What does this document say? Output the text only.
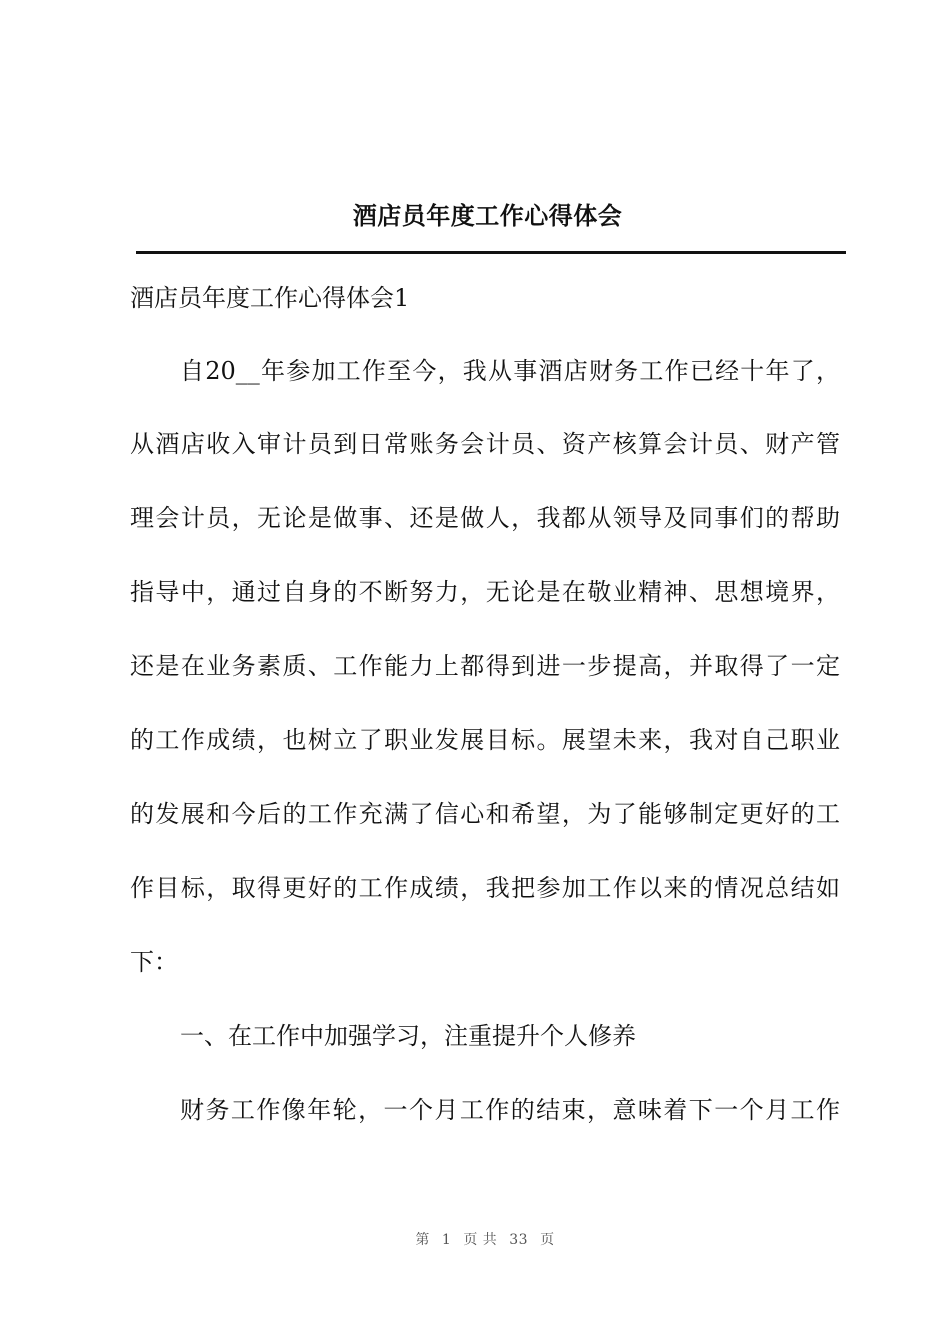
酒店员年度工作心得体会
酒店员年度工作心得体会1
自20__年参加工作至今，我从事酒店财务工作已经十年了，
从酒店收入审计员到日常账务会计员、资产核算会计员、财产管
理会计员，无论是做事、还是做人，我都从领导及同事们的帮助
指导中，通过自身的不断努力，无论是在敬业精神、思想境界，
还是在业务素质、工作能力上都得到进一步提高，并取得了一定
的工作成绩，也树立了职业发展目标。展望未来，我对自己职业
的发展和今后的工作充满了信心和希望，为了能够制定更好的工
作目标，取得更好的工作成绩，我把参加工作以来的情况总结如
下：
一、在工作中加强学习，注重提升个人修养
财务工作像年轮，一个月工作的结束，意味着下一个月工作
第 1 页 共 33 页
